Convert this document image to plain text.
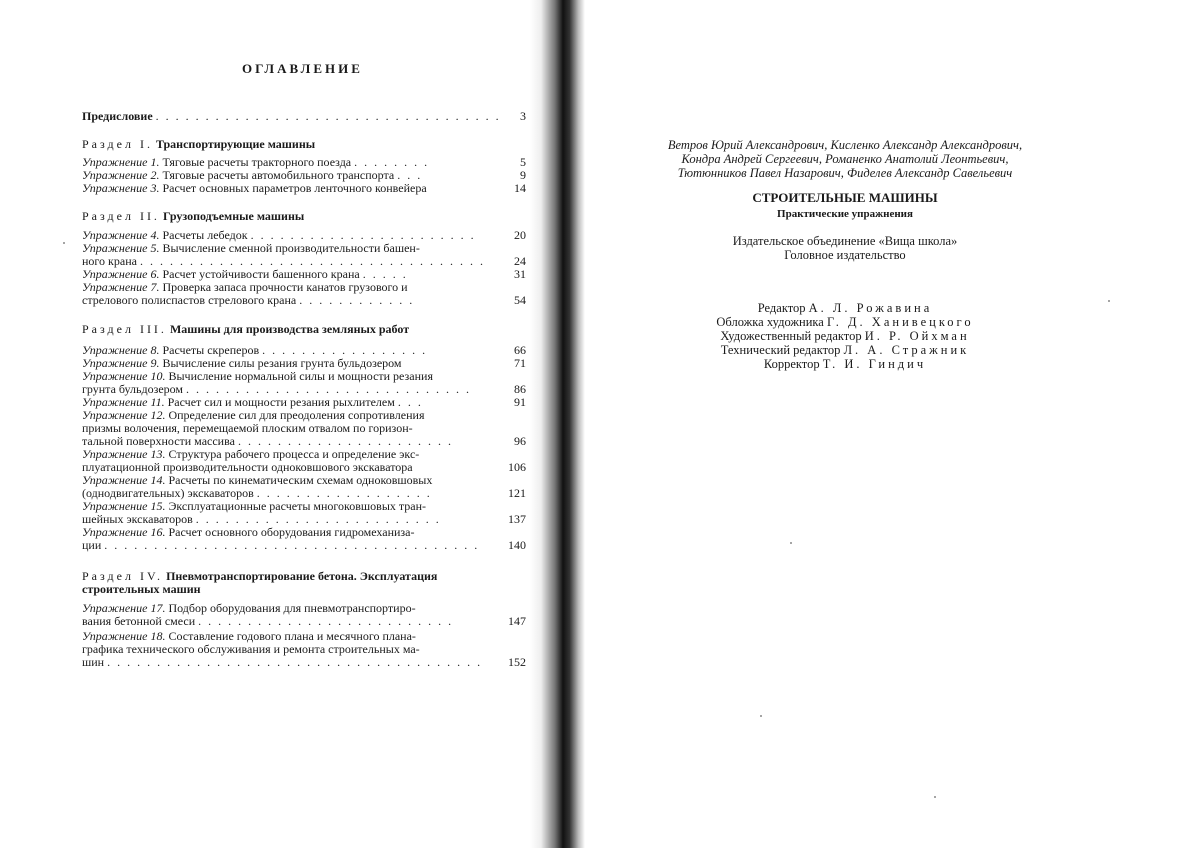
ОГЛАВЛЕНИЕ
Предисловие . . . . . . . . . . . . . . . . . . . . . . . . . . . . . . . . . . .	3
Раздел I. Транспортирующие машины
Упражнение 1. Тяговые расчеты тракторного поезда . . . . . . . .	5
Упражнение 2. Тяговые расчеты автомобильного транспорта . . .	9
Упражнение 3. Расчет основных параметров ленточного конвейера	14
Раздел II. Грузоподъемные машины
Упражнение 4. Расчеты лебедок . . . . . . . . . . . . . . . . . . . . . . .	20
Упражнение 5. Вычисление сменной производительности башен-
ного крана . . . . . . . . . . . . . . . . . . . . . . . . . . . . . . . . . . .	24
Упражнение 6. Расчет устойчивости башенного крана . . . . .	31
Упражнение 7. Проверка запаса прочности канатов грузового и
стрелового полиспастов стрелового крана . . . . . . . . . . . .	54
Раздел III. Машины для производства земляных работ
Упражнение 8. Расчеты скреперов . . . . . . . . . . . . . . . . .	66
Упражнение 9. Вычисление силы резания грунта бульдозером	71
Упражнение 10. Вычисление нормальной силы и мощности резания
грунта бульдозером . . . . . . . . . . . . . . . . . . . . . . . . . . . . .	86
Упражнение 11. Расчет сил и мощности резания рыхлителем . . .	91
Упражнение 12. Определение сил для преодоления сопротивления
призмы волочения, перемещаемой плоским отвалом по горизон-
тальной поверхности массива . . . . . . . . . . . . . . . . . . . . . .	96
Упражнение 13. Структура рабочего процесса и определение экс-
плуатационной производительности одноковшового экскаватора	106
Упражнение 14. Расчеты по кинематическим схемам одноковшовых
(однодвигательных) экскаваторов . . . . . . . . . . . . . . . . . .	121
Упражнение 15. Эксплуатационные расчеты многоковшовых тран-
шейных экскаваторов . . . . . . . . . . . . . . . . . . . . . . . . .	137
Упражнение 16. Расчет основного оборудования гидромеханиза-
ции . . . . . . . . . . . . . . . . . . . . . . . . . . . . . . . . . . . . . .	140
Раздел IV. Пневмотранспортирование бетона. Эксплуатация
строительных машин
Упражнение 17. Подбор оборудования для пневмотранспортиро-
вания бетонной смеси . . . . . . . . . . . . . . . . . . . . . . . . . .	147
Упражнение 18. Составление годового плана и месячного плана-
графика технического обслуживания и ремонта строительных ма-
шин . . . . . . . . . . . . . . . . . . . . . . . . . . . . . . . . . . . . . .	152
Ветров Юрий Александрович, Кисленко Александр Александрович,
Кондра Андрей Сергеевич, Романенко Анатолий Леонтьевич,
Тютюнников Павел Назарович, Фиделев Александр Савельевич
СТРОИТЕЛЬНЫЕ МАШИНЫ
Практические упражнения
Издательское объединение «Вища школа»
Головное издательство
Редактор А. Л. Рожавина
Обложка художника Г. Д. Ханивецкого
Художественный редактор И. Р. Ойхман
Технический редактор Л. А. Стражник
Корректор Т. И. Гиндич
